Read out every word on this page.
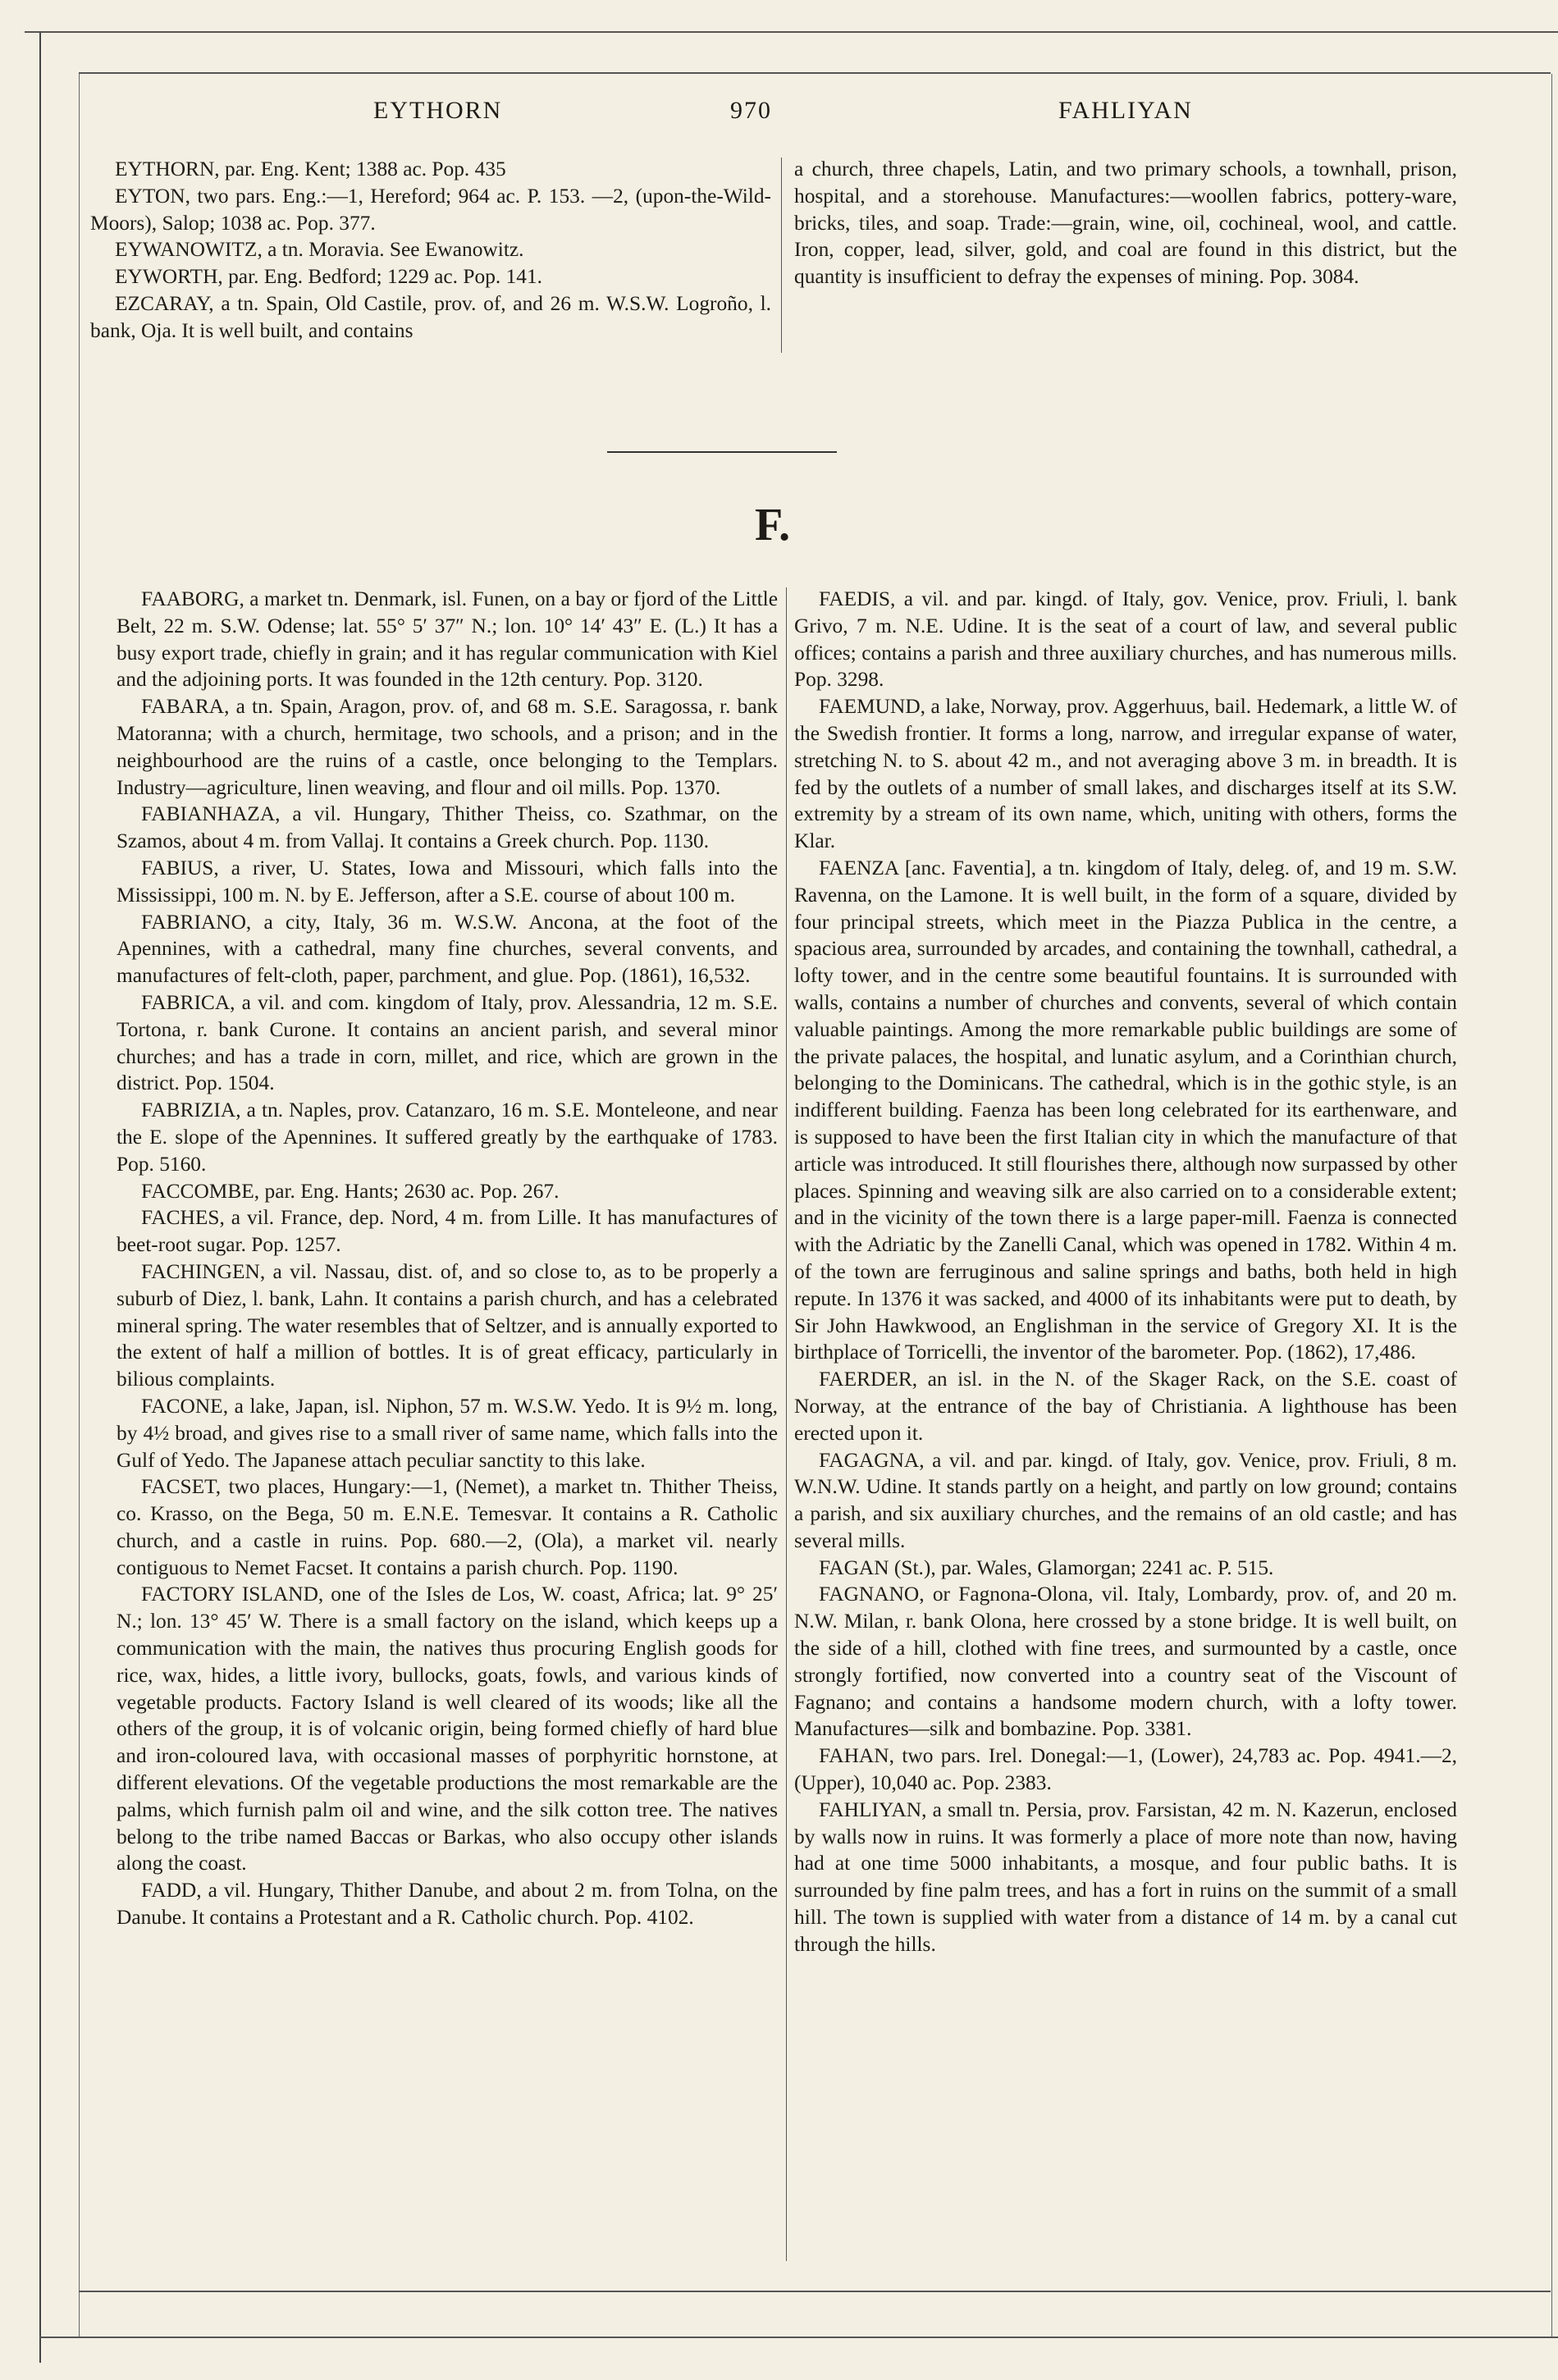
EYTHORN	970	FAHLIYAN

EYTHORN, par. Eng. Kent; 1388 ac. Pop. 435

EYTON, two pars. Eng.:—1, Hereford; 964 ac. P. 153. —2, (upon-the-Wild-Moors), Salop; 1038 ac. Pop. 377.

EYWANOWITZ, a tn. Moravia. See Ewanowitz.

EYWORTH, par. Eng. Bedford; 1229 ac. Pop. 141.

EZCARAY, a tn. Spain, Old Castile, prov. of, and 26 m. W.S.W. Logroño, l. bank, Oja. It is well built, and contains

a church, three chapels, Latin, and two primary schools, a townhall, prison, hospital, and a storehouse. Manufactures:—woollen fabrics, pottery-ware, bricks, tiles, and soap. Trade:—grain, wine, oil, cochineal, wool, and cattle. Iron, copper, lead, silver, gold, and coal are found in this district, but the quantity is insufficient to defray the expenses of mining. Pop. 3084.

F.

FAABORG, a market tn. Denmark, isl. Funen, on a bay or fjord of the Little Belt, 22 m. S.W. Odense; lat. 55° 5′ 37″ N.; lon. 10° 14′ 43″ E. (L.) It has a busy export trade, chiefly in grain; and it has regular communication with Kiel and the adjoining ports. It was founded in the 12th century. Pop. 3120.

FABARA, a tn. Spain, Aragon, prov. of, and 68 m. S.E. Saragossa, r. bank Matoranna; with a church, hermitage, two schools, and a prison; and in the neighbourhood are the ruins of a castle, once belonging to the Templars. Industry—agriculture, linen weaving, and flour and oil mills. Pop. 1370.

FABIANHAZA, a vil. Hungary, Thither Theiss, co. Szathmar, on the Szamos, about 4 m. from Vallaj. It contains a Greek church. Pop. 1130.

FABIUS, a river, U. States, Iowa and Missouri, which falls into the Mississippi, 100 m. N. by E. Jefferson, after a S.E. course of about 100 m.

FABRIANO, a city, Italy, 36 m. W.S.W. Ancona, at the foot of the Apennines, with a cathedral, many fine churches, several convents, and manufactures of felt-cloth, paper, parchment, and glue. Pop. (1861), 16,532.

FABRICA, a vil. and com. kingdom of Italy, prov. Alessandria, 12 m. S.E. Tortona, r. bank Curone. It contains an ancient parish, and several minor churches; and has a trade in corn, millet, and rice, which are grown in the district. Pop. 1504.

FABRIZIA, a tn. Naples, prov. Catanzaro, 16 m. S.E. Monteleone, and near the E. slope of the Apennines. It suffered greatly by the earthquake of 1783. Pop. 5160.

FACCOMBE, par. Eng. Hants; 2630 ac. Pop. 267.

FACHES, a vil. France, dep. Nord, 4 m. from Lille. It has manufactures of beet-root sugar. Pop. 1257.

FACHINGEN, a vil. Nassau, dist. of, and so close to, as to be properly a suburb of Diez, l. bank, Lahn. It contains a parish church, and has a celebrated mineral spring. The water resembles that of Seltzer, and is annually exported to the extent of half a million of bottles. It is of great efficacy, particularly in bilious complaints.

FACONE, a lake, Japan, isl. Niphon, 57 m. W.S.W. Yedo. It is 9½ m. long, by 4½ broad, and gives rise to a small river of same name, which falls into the Gulf of Yedo. The Japanese attach peculiar sanctity to this lake.

FACSET, two places, Hungary:—1, (Nemet), a market tn. Thither Theiss, co. Krasso, on the Bega, 50 m. E.N.E. Temesvar. It contains a R. Catholic church, and a castle in ruins. Pop. 680.—2, (Ola), a market vil. nearly contiguous to Nemet Facset. It contains a parish church. Pop. 1190.

FACTORY ISLAND, one of the Isles de Los, W. coast, Africa; lat. 9° 25′ N.; lon. 13° 45′ W. There is a small factory on the island, which keeps up a communication with the main, the natives thus procuring English goods for rice, wax, hides, a little ivory, bullocks, goats, fowls, and various kinds of vegetable products. Factory Island is well cleared of its woods; like all the others of the group, it is of volcanic origin, being formed chiefly of hard blue and iron-coloured lava, with occasional masses of porphyritic hornstone, at different elevations. Of the vegetable productions the most remarkable are the palms, which furnish palm oil and wine, and the silk cotton tree. The natives belong to the tribe named Baccas or Barkas, who also occupy other islands along the coast.

FADD, a vil. Hungary, Thither Danube, and about 2 m. from Tolna, on the Danube. It contains a Protestant and a R. Catholic church. Pop. 4102.

FAEDIS, a vil. and par. kingd. of Italy, gov. Venice, prov. Friuli, l. bank Grivo, 7 m. N.E. Udine. It is the seat of a court of law, and several public offices; contains a parish and three auxiliary churches, and has numerous mills. Pop. 3298.

FAEMUND, a lake, Norway, prov. Aggerhuus, bail. Hedemark, a little W. of the Swedish frontier. It forms a long, narrow, and irregular expanse of water, stretching N. to S. about 42 m., and not averaging above 3 m. in breadth. It is fed by the outlets of a number of small lakes, and discharges itself at its S.W. extremity by a stream of its own name, which, uniting with others, forms the Klar.

FAENZA [anc. Faventia], a tn. kingdom of Italy, deleg. of, and 19 m. S.W. Ravenna, on the Lamone. It is well built, in the form of a square, divided by four principal streets, which meet in the Piazza Publica in the centre, a spacious area, surrounded by arcades, and containing the townhall, cathedral, a lofty tower, and in the centre some beautiful fountains. It is surrounded with walls, contains a number of churches and convents, several of which contain valuable paintings. Among the more remarkable public buildings are some of the private palaces, the hospital, and lunatic asylum, and a Corinthian church, belonging to the Dominicans. The cathedral, which is in the gothic style, is an indifferent building. Faenza has been long celebrated for its earthenware, and is supposed to have been the first Italian city in which the manufacture of that article was introduced. It still flourishes there, although now surpassed by other places. Spinning and weaving silk are also carried on to a considerable extent; and in the vicinity of the town there is a large paper-mill. Faenza is connected with the Adriatic by the Zanelli Canal, which was opened in 1782. Within 4 m. of the town are ferruginous and saline springs and baths, both held in high repute. In 1376 it was sacked, and 4000 of its inhabitants were put to death, by Sir John Hawkwood, an Englishman in the service of Gregory XI. It is the birthplace of Torricelli, the inventor of the barometer. Pop. (1862), 17,486.

FAERDER, an isl. in the N. of the Skager Rack, on the S.E. coast of Norway, at the entrance of the bay of Christiania. A lighthouse has been erected upon it.

FAGAGNA, a vil. and par. kingd. of Italy, gov. Venice, prov. Friuli, 8 m. W.N.W. Udine. It stands partly on a height, and partly on low ground; contains a parish, and six auxiliary churches, and the remains of an old castle; and has several mills.

FAGAN (St.), par. Wales, Glamorgan; 2241 ac. P. 515.

FAGNANO, or Fagnona-Olona, vil. Italy, Lombardy, prov. of, and 20 m. N.W. Milan, r. bank Olona, here crossed by a stone bridge. It is well built, on the side of a hill, clothed with fine trees, and surmounted by a castle, once strongly fortified, now converted into a country seat of the Viscount of Fagnano; and contains a handsome modern church, with a lofty tower. Manufactures—silk and bombazine. Pop. 3381.

FAHAN, two pars. Irel. Donegal:—1, (Lower), 24,783 ac. Pop. 4941.—2, (Upper), 10,040 ac. Pop. 2383.

FAHLIYAN, a small tn. Persia, prov. Farsistan, 42 m. N. Kazerun, enclosed by walls now in ruins. It was formerly a place of more note than now, having had at one time 5000 inhabitants, a mosque, and four public baths. It is surrounded by fine palm trees, and has a fort in ruins on the summit of a small hill. The town is supplied with water from a distance of 14 m. by a canal cut through the hills.
